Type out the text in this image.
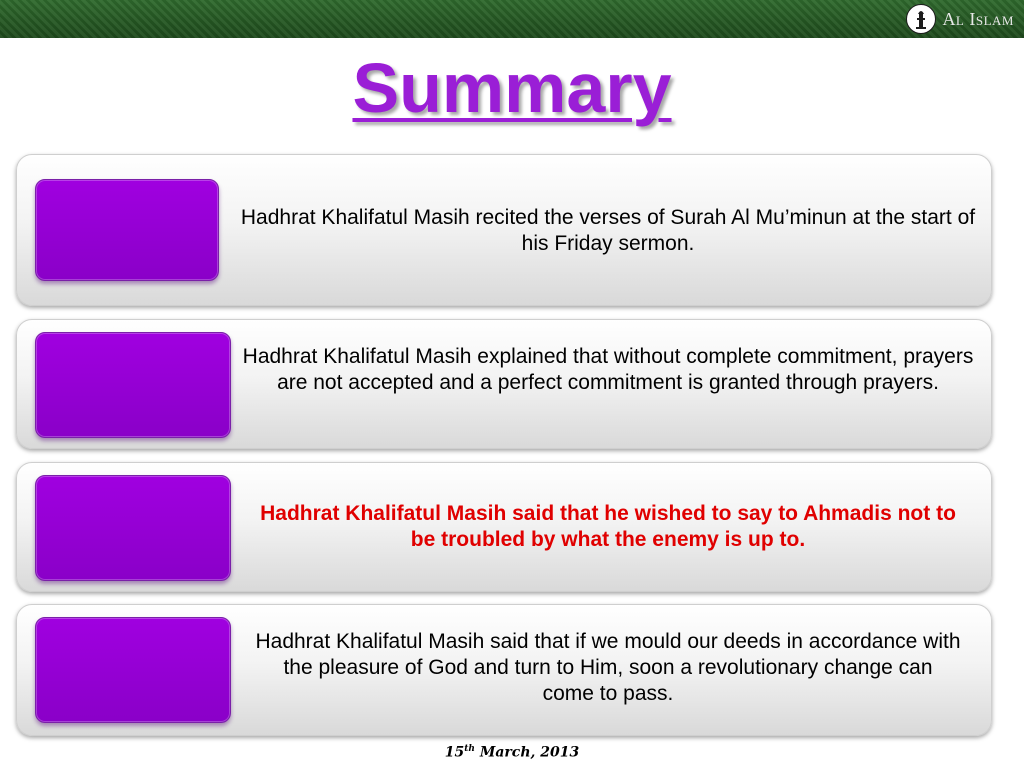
Al Islam
Summary
Hadhrat Khalifatul Masih recited the verses of Surah Al Mu’minun at the start of his Friday sermon.
Hadhrat Khalifatul Masih explained that without complete commitment, prayers are not accepted and a perfect commitment is granted through prayers.
Hadhrat Khalifatul Masih said that he wished to say to Ahmadis not to be troubled by what the enemy is up to.
Hadhrat Khalifatul Masih said that if we mould our deeds in accordance with the pleasure of God and turn to Him, soon a revolutionary change can come to pass.
15th March, 2013
